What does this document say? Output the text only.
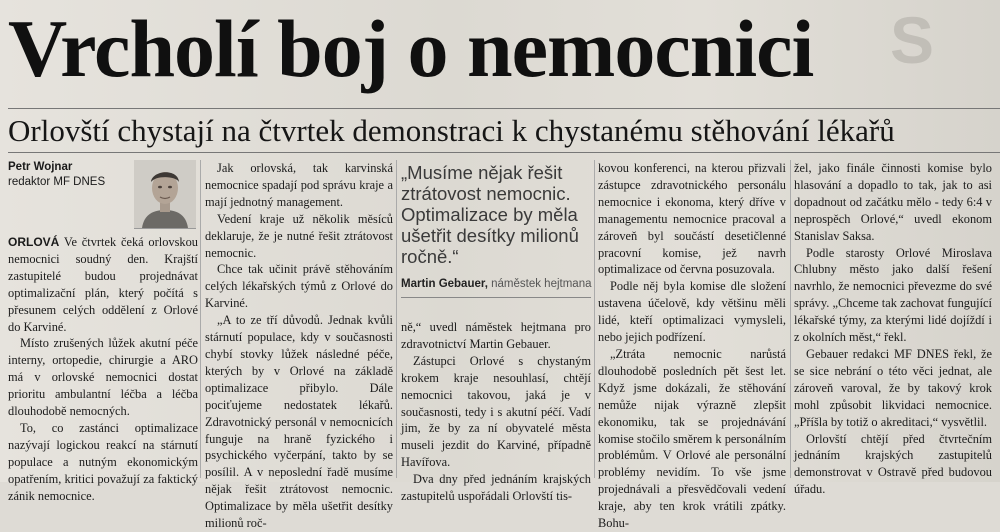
S
Vrcholí boj o nemocnici
Orlovští chystají na čtvrtek demonstraci k chystanému stěhování lékařů
Petr Wojnar
redaktor MF DNES

ORLOVÁ Ve čtvrtek čeká orlovskou nemocnici soudný den. Krajští zastupitelé budou projednávat optimalizační plán, který počítá s přesunem celých oddělení z Orlové do Karviné.

Místo zrušených lůžek akutní péče interny, ortopedie, chirurgie a ARO má v orlovské nemocnici dostat prioritu ambulantní léčba a léčba dlouhodobě nemocných.

To, co zastánci optimalizace nazývají logickou reakcí na stárnutí populace a nutným ekonomickým opatřením, kritici považují za faktický zánik nemocnice.

Jak orlovská, tak karvinská nemocnice spadají pod správu kraje a mají jednotný management.

Vedení kraje už několik měsíců deklaruje, že je nutné řešit ztrátovost nemocnic.

Chce tak učinit právě stěhováním celých lékařských týmů z Orlové do Karviné.

„A to ze tří důvodů. Jednak kvůli stárnutí populace, kdy v současnosti chybí stovky lůžek následné péče, kterých by v Orlové na základě optimalizace přibylo. Dále pociťujeme nedostatek lékařů. Zdravotnický personál v nemocnicích funguje na hraně fyzického i psychického vyčerpání, takto by se posílil. A v neposlední řadě musíme nějak řešit ztrátovost nemocnic. Optimalizace by měla ušetřit desítky milionů roč-

„Musíme nějak řešit ztrátovost nemocnic. Optimalizace by měla ušetřit desítky milionů ročně.“
Martin Gebauer, náměstek hejtmana

ně,“ uvedl náměstek hejtmana pro zdravotnictví Martin Gebauer.

Zástupci Orlové s chystaným krokem kraje nesouhlasí, chtějí nemocnici takovou, jaká je v současnosti, tedy i s akutní péčí. Vadí jim, že by za ní obyvatelé města museli jezdit do Karviné, případně Havířova.

Dva dny před jednáním krajských zastupitelů uspořádali Orlovští tis-

kovou konferenci, na kterou přizvali zástupce zdravotnického personálu nemocnice i ekonoma, který dříve v managementu nemocnice pracoval a zároveň byl součástí desetičlenné pracovní komise, jež navrh optimalizace od června posuzovala.

Podle něj byla komise dle složení ustavena účelově, kdy většinu měli lidé, kteří optimalizaci vymysleli, nebo jejich podřízení.

„Ztráta nemocnic narůstá dlouhodobě posledních pět šest let. Když jsme dokázali, že stěhování nemůže nijak výrazně zlepšit ekonomiku, tak se projednávání komise stočilo směrem k personálním problémům. V Orlové ale personální problémy nevidím. To vše jsme projednávali a přesvědčovali vedení kraje, aby ten krok vrátili zpátky. Bohu-

žel, jako finále činnosti komise bylo hlasování a dopadlo to tak, jak to asi dopadnout od začátku mělo - tedy 6:4 v neprospěch Orlové,“ uvedl ekonom Stanislav Saksa.

Podle starosty Orlové Miroslava Chlubny město jako další řešení navrhlo, že nemocnici převezme do své správy. „Chceme tak zachovat fungující lékařské týmy, za kterými lidé dojíždí i z okolních měst,“ řekl.

Gebauer redakci MF DNES řekl, že se sice nebrání o této věci jednat, ale zároveň varoval, že by takový krok mohl způsobit likvidaci nemocnice. „Příšla by totiž o akreditaci,“ vysvětlil.

Orlovští chtějí před čtvrtečním jednáním krajských zastupitelů demonstrovat v Ostravě před budovou úřadu.
